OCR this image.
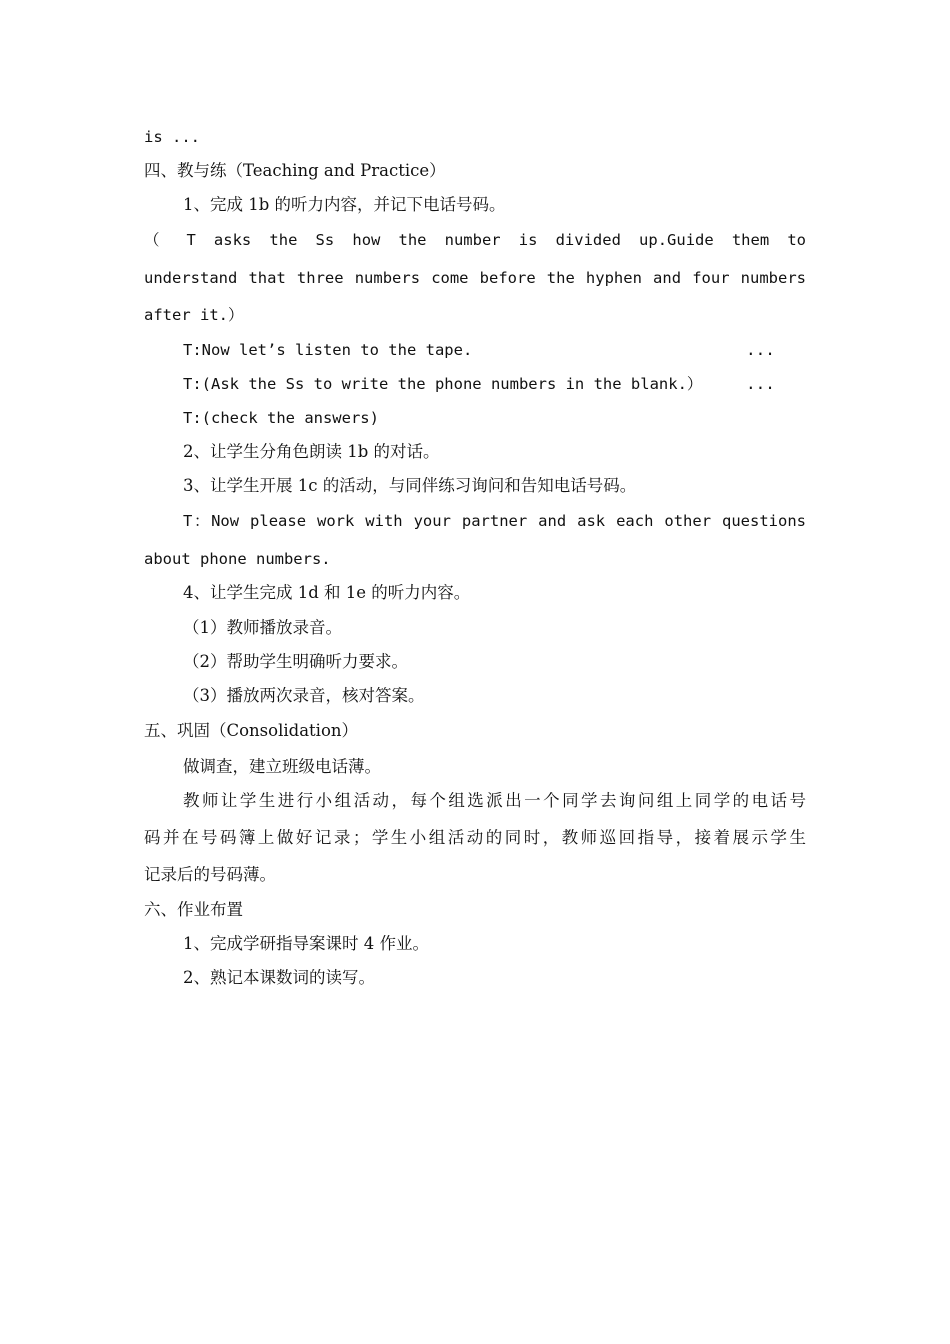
is ...

四、教与练（Teaching and Practice）

1、完成 1b 的听力内容，并记下电话号码。

（ T asks the Ss how the number is divided up.Guide them to

understand that three numbers come before the hyphen and four numbers

after it.）

T:Now let’s listen to the tape.	...

T:(Ask the Ss to write the phone numbers in the blank.）	...

T:(check the answers)

2、让学生分角色朗读 1b 的对话。

3、让学生开展 1c 的活动，与同伴练习询问和告知电话号码。

T：Now please work with your partner and ask each other questions

about phone numbers.

4、让学生完成 1d 和 1e 的听力内容。

（1）教师播放录音。

（2）帮助学生明确听力要求。

（3）播放两次录音，核对答案。

五、巩固（Consolidation）

做调查，建立班级电话薄。

教师让学生进行小组活动，每个组选派出一个同学去询问组上同学的电话号

码并在号码簿上做好记录；学生小组活动的同时，教师巡回指导，接着展示学生

记录后的号码薄。

六、作业布置

1、完成学研指导案课时 4 作业。

2、熟记本课数词的读写。
